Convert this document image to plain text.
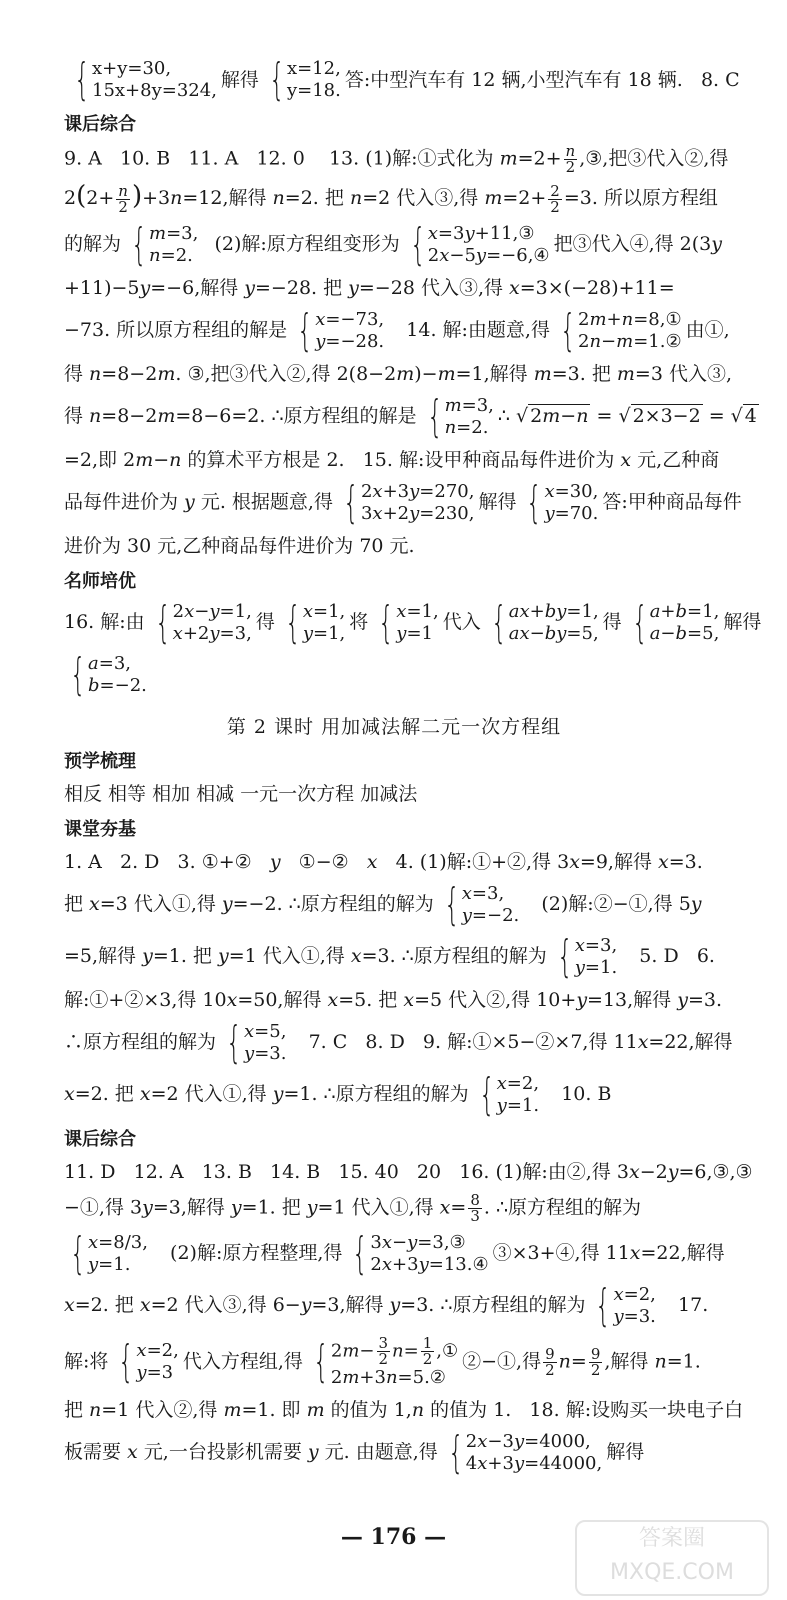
{ x+y=30,
15x+8y=324, 解得 { x=12,
y=18. 答:中型汽车有 12 辆,小型汽车有 18 辆.   8. C
课后综合
9. A   10. B   11. A   12. 0    13. (1)解:①式化为 $m=2+ \frac{n}{2}$ ,③,把③代入②,得
$2(2+ \frac{n}{2} )+3n=12$,解得 n=2. 把 n=2 代入③,得 $m=2+ \frac{2}{2} =3$. 所以原方程组
的解为 { m=3,
n=2.
(2)解:原方程组变形为 { x=3y+11,③
2x−5y=−6,④
把③代入④,得 2(3y
+11)−5y=−6,解得 y=−28. 把 y=−28 代入③,得 x=3×(−28)+11=
−73. 所以原方程组的解是 { x=−73,
y=−28.
14. 解:由题意,得 { 2m+n=8,①
2n−m=1.②
由①,
得 n=8−2m. ③,把③代入②,得 2(8−2m)−m=1,解得 m=3. 把 m=3 代入③,
得 n=8−2m=8−6=2. ∴原方程组的解是 { m=3,
n=2.
∴ √ 2m−n = √ 2×3−2 = √ 4
=2,即 2m−n 的算术平方根是 2.   15. 解:设甲种商品每件进价为 x 元,乙种商
品每件进价为 y 元. 根据题意,得 { 2x+3y=270,
3x+2y=230,
解得 { x=30,
y=70.
答:甲种商品每件
进价为 30 元,乙种商品每件进价为 70 元.
名师培优
16. 解:由 { 2x−y=1,
x+2y=3,
得 { x=1,
y=1,
将 { x=1,
y=1
代入 { ax+by=1,
ax−by=5,
得 { a+b=1,
a−b=5,
解得
{ a=3,
b=−2.
第 2 课时 用加减法解二元一次方程组
预学梳理
相反 相等 相加 相减 一元一次方程 加减法
课堂夯基
1. A   2. D   3. ①+②   y   ①−②   x   4. (1)解:①+②,得 3x=9,解得 x=3.
把 x=3 代入①,得 y=−2. ∴原方程组的解为 { x=3,
y=−2.
(2)解:②−①,得 5y
=5,解得 y=1. 把 y=1 代入①,得 x=3. ∴原方程组的解为 { x=3,
y=1.
5. D   6.
解:①+②×3,得 10x=50,解得 x=5. 把 x=5 代入②,得 10+y=13,解得 y=3.
∴原方程组的解为 { x=5,
y=3.
7. C   8. D   9. 解:①×5−②×7,得 11x=22,解得
x=2. 把 x=2 代入①,得 y=1. ∴原方程组的解为 { x=2,
y=1.
10. B
课后综合
11. D   12. A   13. B   14. B   15. 40   20   16. (1)解:由②,得 3x−2y=6,③,③
−①,得 3y=3,解得 y=1. 把 y=1 代入①,得 $x= \frac{8}{3}$ . ∴原方程组的解为
{ x=8/3,
y=1.
(2)解:原方程整理,得 { 3x−y=3,③
2x+3y=13.④
③×3+④,得 11x=22,解得
x=2. 把 x=2 代入③,得 6−y=3,解得 y=3. ∴原方程组的解为 { x=2,
y=3.
17.
解:将 { x=2,
y=3
代入方程组,得 { $2m- \frac{3}{2} n= \frac{1}{2}$ ,①
2m+3n=5.②
②−①,得 $\frac{9}{2} n= \frac{9}{2}$ ,解得 n=1.
把 n=1 代入②,得 m=1. 即 m 的值为 1,n 的值为 1.   18. 解:设购买一块电子白
板需要 x 元,一台投影机需要 y 元. 由题意,得 { 2x−3y=4000,
4x+3y=44000,
解得
— 176 —	答案圈
MXQE.COM
